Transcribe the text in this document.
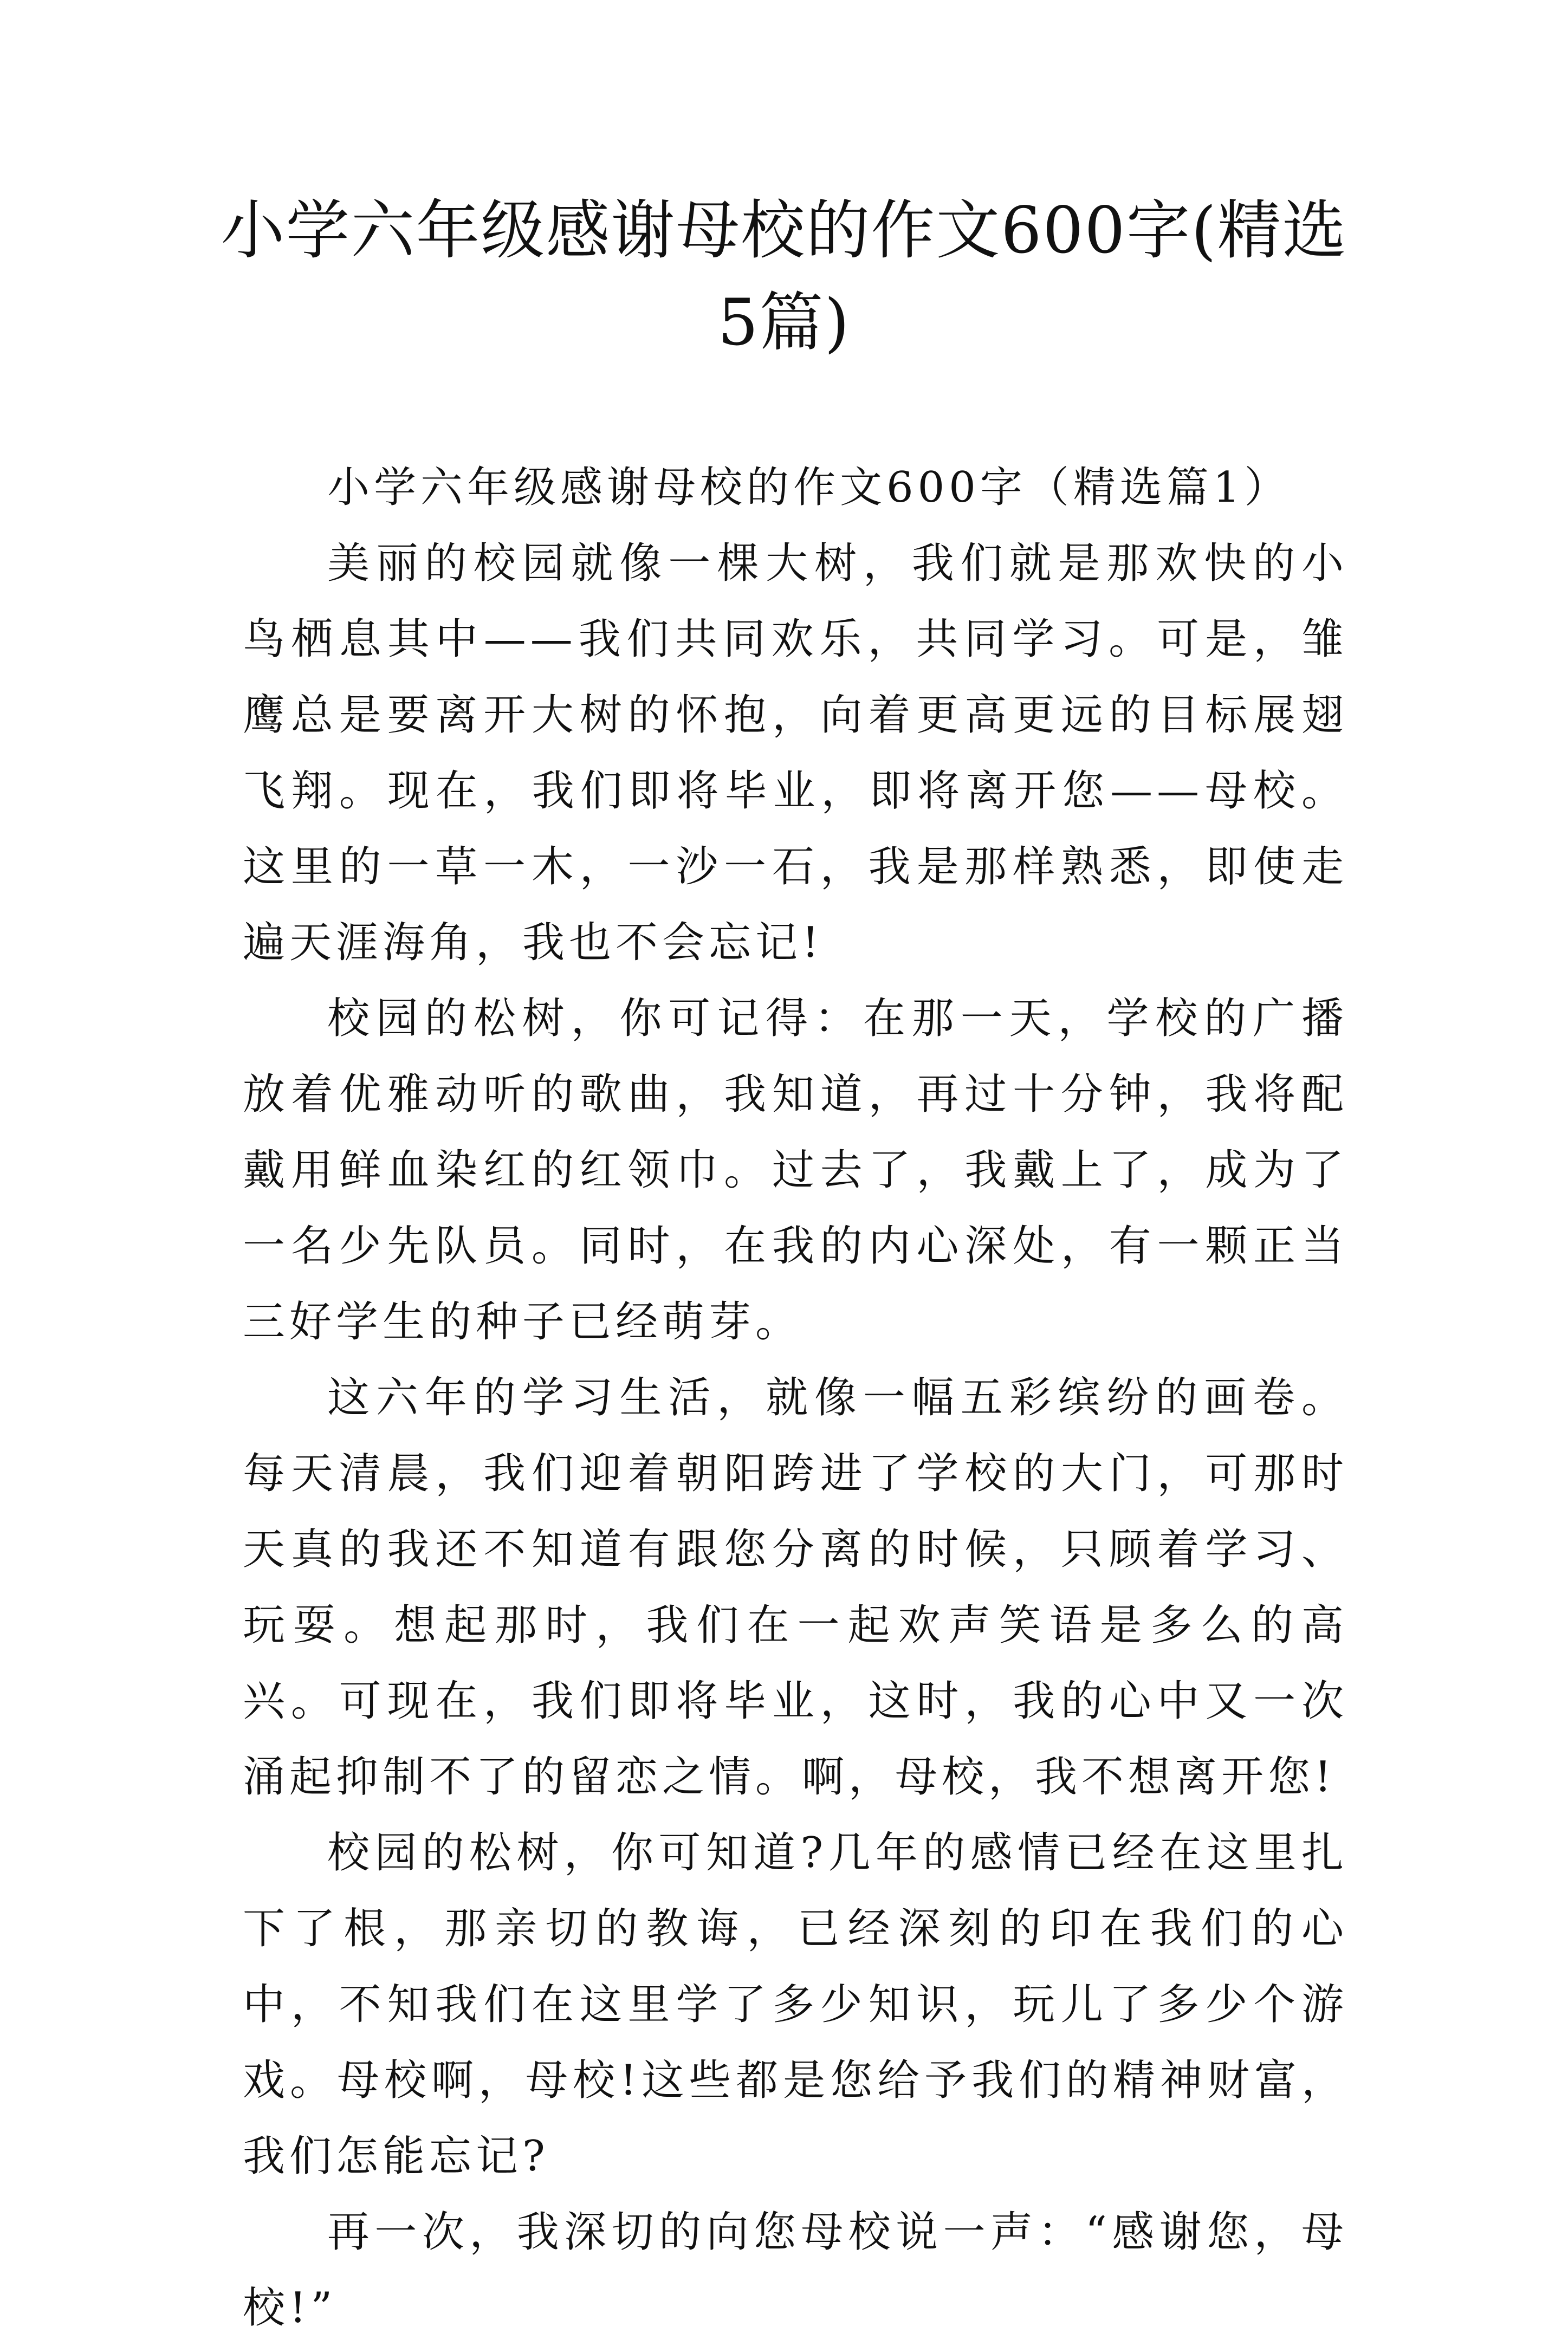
小学六年级感谢母校的作文600字(精选5篇)

小学六年级感谢母校的作文600字（精选篇1）

美丽的校园就像一棵大树，我们就是那欢快的小鸟栖息其中——我们共同欢乐，共同学习。可是，雏鹰总是要离开大树的怀抱，向着更高更远的目标展翅飞翔。现在，我们即将毕业，即将离开您——母校。这里的一草一木，一沙一石，我是那样熟悉，即使走遍天涯海角，我也不会忘记!

校园的松树，你可记得：在那一天，学校的广播放着优雅动听的歌曲，我知道，再过十分钟，我将配戴用鲜血染红的红领巾。过去了，我戴上了，成为了一名少先队员。同时，在我的内心深处，有一颗正当三好学生的种子已经萌芽。

这六年的学习生活，就像一幅五彩缤纷的画卷。每天清晨，我们迎着朝阳跨进了学校的大门，可那时天真的我还不知道有跟您分离的时候，只顾着学习、玩耍。想起那时，我们在一起欢声笑语是多么的高兴。可现在，我们即将毕业，这时，我的心中又一次涌起抑制不了的留恋之情。啊，母校，我不想离开您!

校园的松树，你可知道?几年的感情已经在这里扎下了根，那亲切的教诲，已经深刻的印在我们的心中，不知我们在这里学了多少知识，玩儿了多少个游戏。母校啊，母校!这些都是您给予我们的精神财富，我们怎能忘记?

再一次，我深切的向您母校说一声：“感谢您，母校!”
